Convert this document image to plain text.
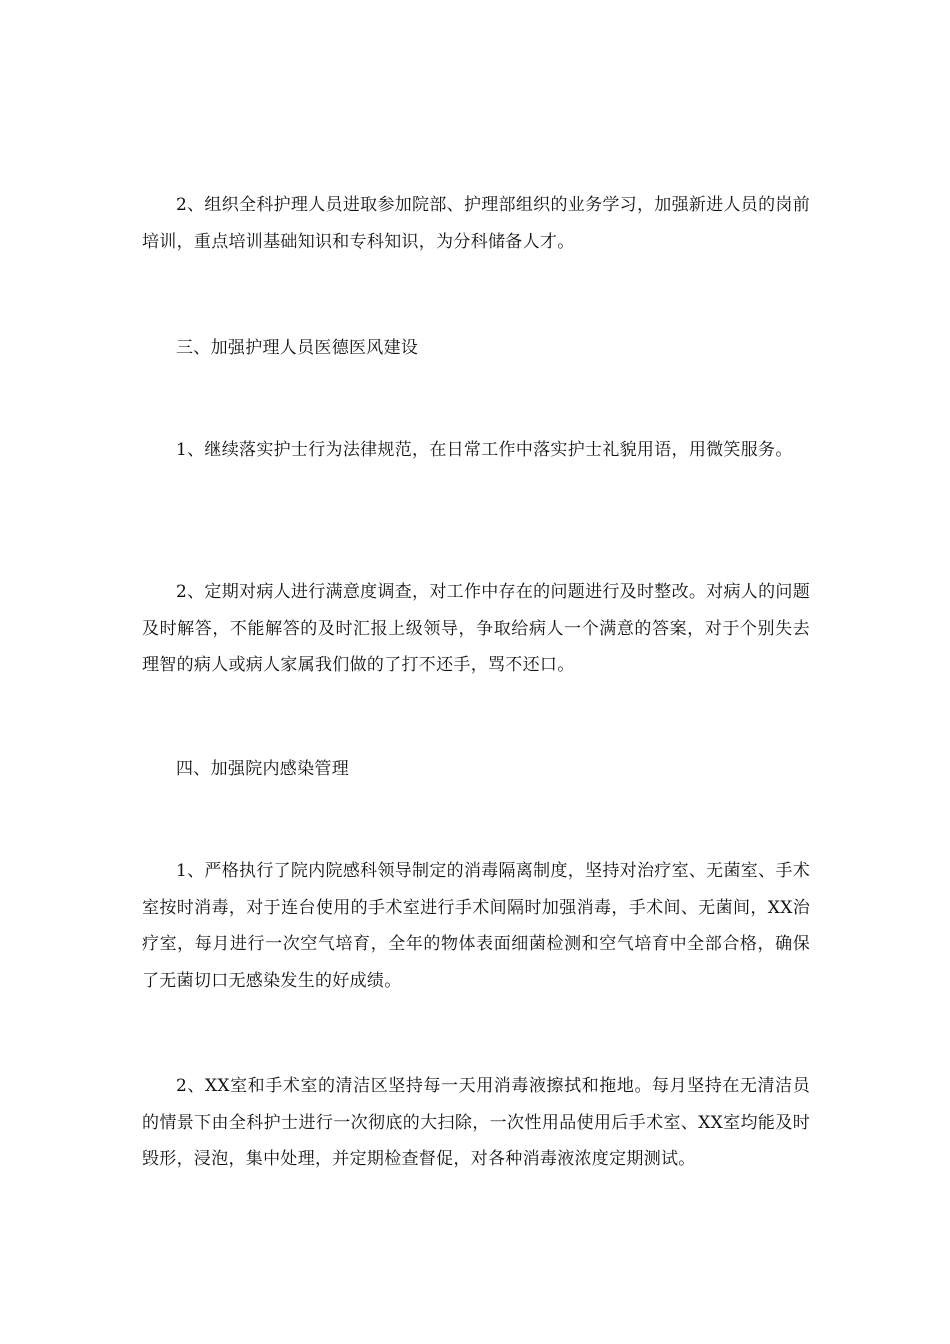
2、组织全科护理人员进取参加院部、护理部组织的业务学习，加强新进人员的岗前培训，重点培训基础知识和专科知识，为分科储备人才。

三、加强护理人员医德医风建设

1、继续落实护士行为法律规范，在日常工作中落实护士礼貌用语，用微笑服务。

2、定期对病人进行满意度调查，对工作中存在的问题进行及时整改。对病人的问题及时解答，不能解答的及时汇报上级领导，争取给病人一个满意的答案，对于个别失去理智的病人或病人家属我们做的了打不还手，骂不还口。

四、加强院内感染管理

1、严格执行了院内院感科领导制定的消毒隔离制度，坚持对治疗室、无菌室、手术室按时消毒，对于连台使用的手术室进行手术间隔时加强消毒，手术间、无菌间，XX治疗室，每月进行一次空气培育，全年的物体表面细菌检测和空气培育中全部合格，确保了无菌切口无感染发生的好成绩。

2、XX室和手术室的清洁区坚持每一天用消毒液擦拭和拖地。每月坚持在无清洁员的情景下由全科护士进行一次彻底的大扫除，一次性用品使用后手术室、XX室均能及时毁形，浸泡，集中处理，并定期检查督促，对各种消毒液浓度定期测试。
